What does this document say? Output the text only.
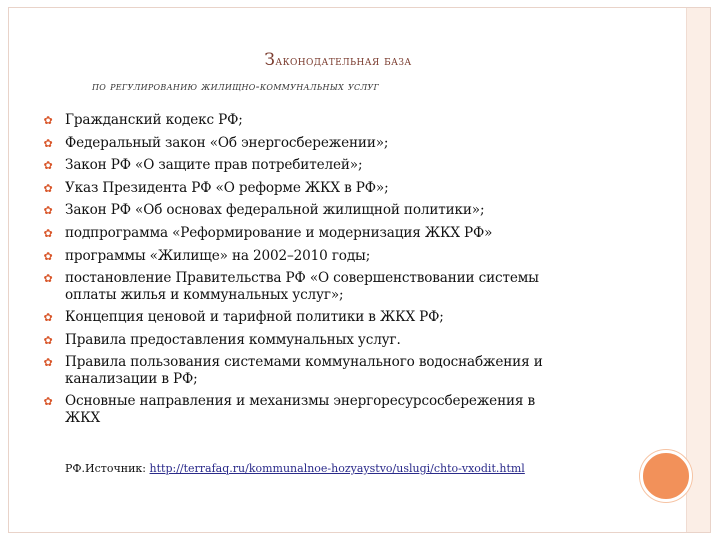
Законодательная база
по регулированию жилищно-коммунальных услуг
✿ Гражданский кодекс РФ;
✿ Федеральный закон «Об энергосбережении»;
✿ Закон РФ «О защите прав потребителей»;
✿ Указ Президента РФ «О реформе ЖКХ в РФ»;
✿ Закон РФ «Об основах федеральной жилищной политики»;
✿ подпрограмма «Реформирование и модернизация ЖКХ РФ»
✿ программы «Жилище» на 2002–2010 годы;
✿ постановление Правительства РФ «О совершенствовании системы
оплаты жилья и коммунальных услуг»;
✿ Концепция ценовой и тарифной политики в ЖКХ РФ;
✿ Правила предоставления коммунальных услуг.
✿ Правила пользования системами коммунального водоснабжения и
канализации в РФ;
✿ Основные направления и механизмы энергоресурсосбережения в
ЖКХ
РФ.Источник: http://terrafaq.ru/kommunalnoe-hozyaystvo/uslugi/chto-vxodit.html
